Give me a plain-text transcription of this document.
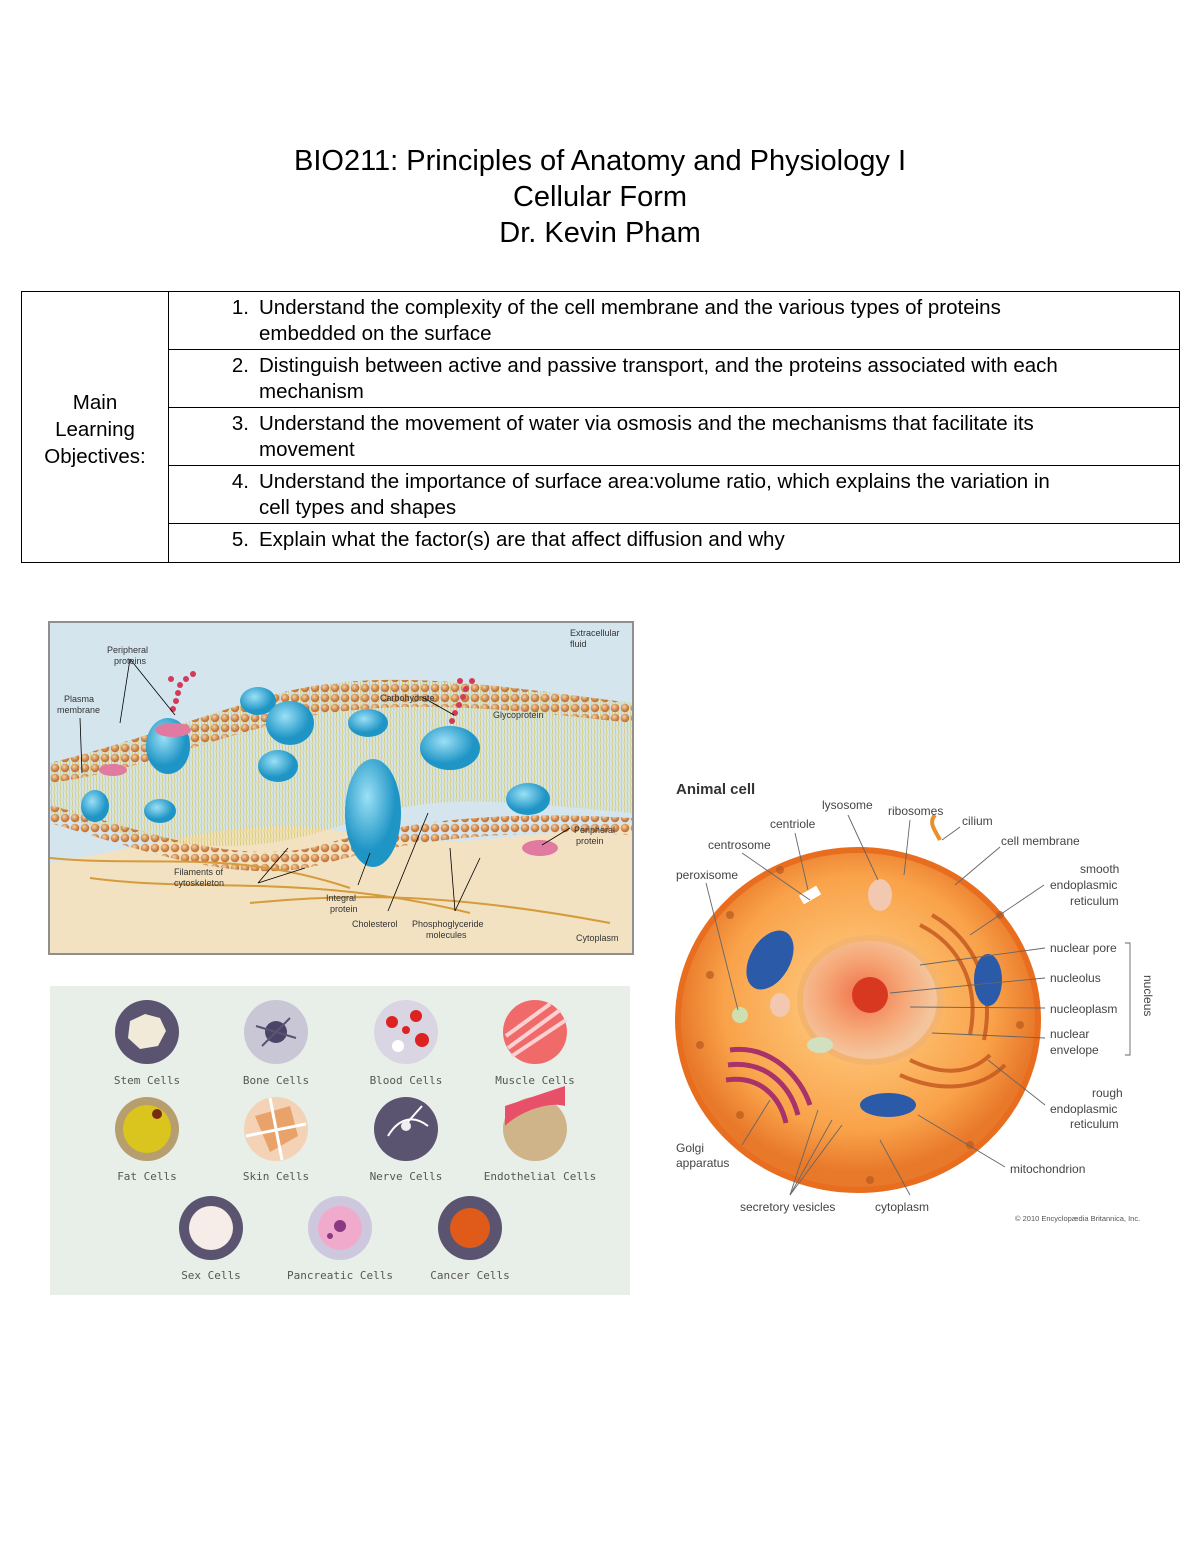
BIO211: Principles of Anatomy and Physiology I
Cellular Form
Dr. Kevin Pham
Main
Learning
Objectives:

1. Understand the complexity of the cell membrane and the various types of proteins
embedded on the surface

2. Distinguish between active and passive transport, and the proteins associated with each
mechanism

3. Understand the movement of water via osmosis and the mechanisms that facilitate its
movement

4. Understand the importance of surface area:volume ratio, which explains the variation in
cell types and shapes

5. Explain what the factor(s) are that affect diffusion and why
Extracellular
fluid
Peripheral
proteins
Plasma
membrane
Carbohydrate
Glycoprotein
Peripheral
protein
Filaments of
cytoskeleton
Integral
protein
Cholesterol Phosphoglyceride
molecules	Cytoplasm
Stem Cells	Bone Cells	Blood Cells	Muscle Cells
Fat Cells	Skin Cells	Nerve Cells	Endothelial Cells
Sex Cells	Pancreatic Cells	Cancer Cells
Animal cell
lysosome ribosomes
cilium
centriole
cell membrane
centrosome
smooth
endoplasmic
reticulum
peroxisome
nuclear pore
nucleolus
nucleoplasm
nuclear
envelope
nucleus
rough
endoplasmic
reticulum
Golgi
apparatus	mitochondrion
secretory vesicles	cytoplasm
© 2010 Encyclopædia Britannica, Inc.
